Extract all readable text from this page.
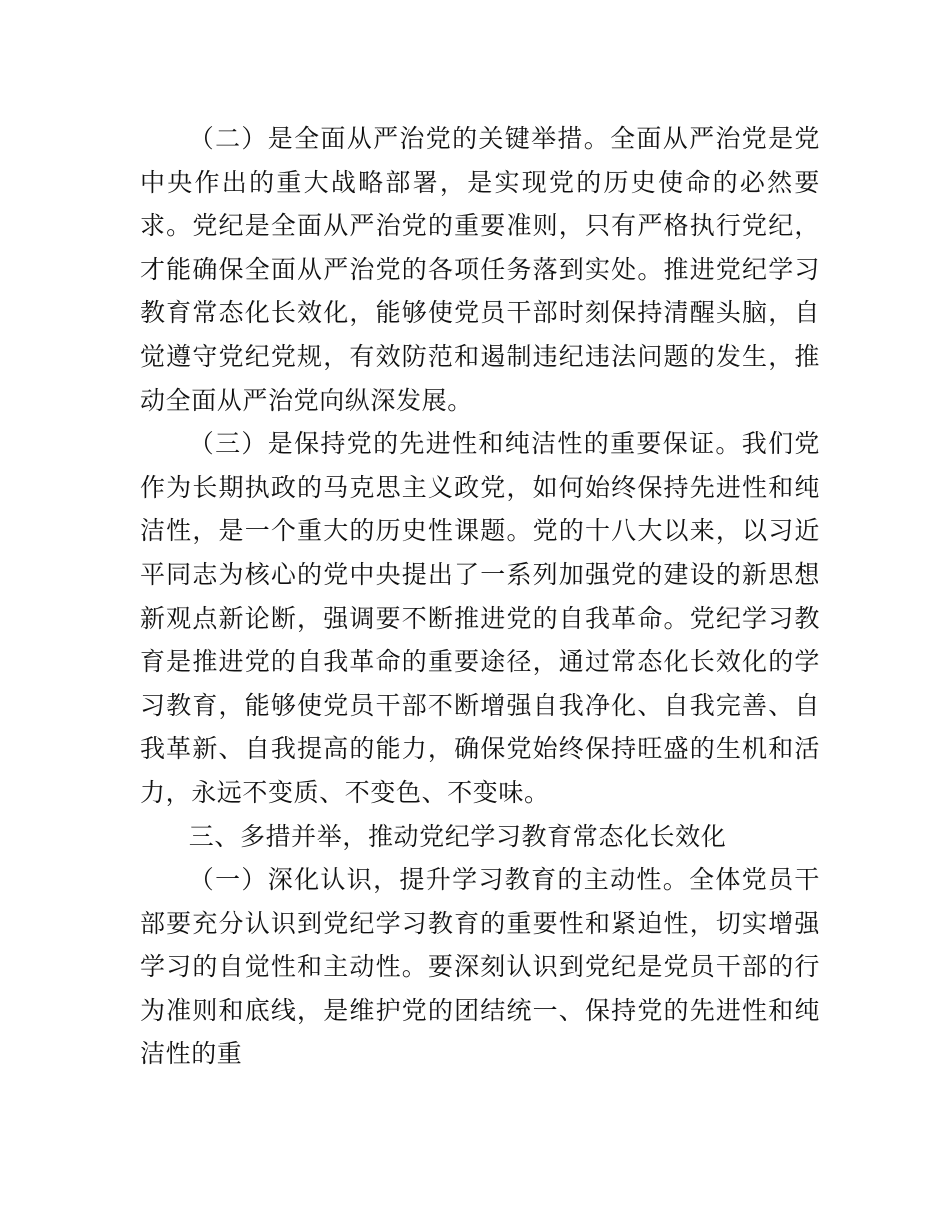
（二）是全面从严治党的关键举措。全面从严治党是党中央作出的重大战略部署，是实现党的历史使命的必然要求。党纪是全面从严治党的重要准则，只有严格执行党纪，才能确保全面从严治党的各项任务落到实处。推进党纪学习教育常态化长效化，能够使党员干部时刻保持清醒头脑，自觉遵守党纪党规，有效防范和遏制违纪违法问题的发生，推动全面从严治党向纵深发展。

（三）是保持党的先进性和纯洁性的重要保证。我们党作为长期执政的马克思主义政党，如何始终保持先进性和纯洁性，是一个重大的历史性课题。党的十八大以来，以习近平同志为核心的党中央提出了一系列加强党的建设的新思想新观点新论断，强调要不断推进党的自我革命。党纪学习教育是推进党的自我革命的重要途径，通过常态化长效化的学习教育，能够使党员干部不断增强自我净化、自我完善、自我革新、自我提高的能力，确保党始终保持旺盛的生机和活力，永远不变质、不变色、不变味。

三、多措并举，推动党纪学习教育常态化长效化

（一）深化认识，提升学习教育的主动性。全体党员干部要充分认识到党纪学习教育的重要性和紧迫性，切实增强学习的自觉性和主动性。要深刻认识到党纪是党员干部的行为准则和底线，是维护党的团结统一、保持党的先进性和纯洁性的重
